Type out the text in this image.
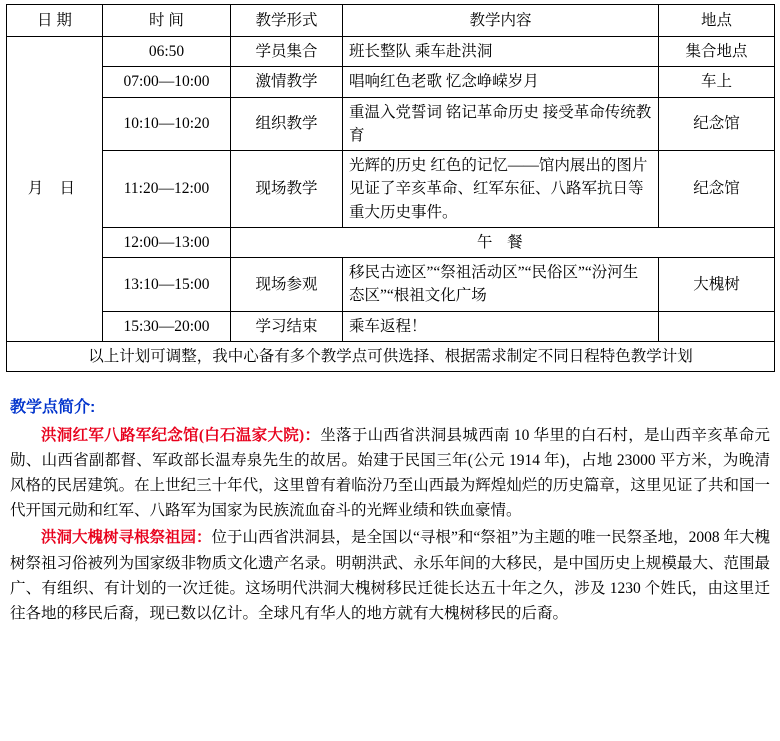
日 期	时 间	教学形式	教学内容	地点
月 日	06:50	学员集合	班长整队 乘车赴洪洞	集合地点
	07:00—10:00	激情教学	唱响红色老歌 忆念峥嵘岁月	车上
	10:10—10:20	组织教学	重温入党誓词 铭记革命历史 接受革命传统教育	纪念馆
	11:20—12:00	现场教学	光辉的历史 红色的记忆——馆内展出的图片见证了辛亥革命、红军东征、八路军抗日等重大历史事件。	纪念馆
	12:00—13:00	午 餐		
	13:10—15:00	现场参观	移民古迹区”“祭祖活动区”“民俗区”“汾河生态区”“根祖文化广场	大槐树
	15:30—20:00	学习结束	乘车返程！	
以上计划可调整，我中心备有多个教学点可供选择、根据需求制定不同日程特色教学计划				
教学点简介:

洪洞红军八路军纪念馆(白石温家大院)：坐落于山西省洪洞县城西南 10 华里的白石村，是山西辛亥革命元勋、山西省副都督、军政部长温寿泉先生的故居。始建于民国三年(公元 1914 年)，占地 23000 平方米，为晚清风格的民居建筑。在上世纪三十年代，这里曾有着临汾乃至山西最为辉煌灿烂的历史篇章，这里见证了共和国一代开国元勋和红军、八路军为国家为民族流血奋斗的光辉业绩和铁血豪情。

洪洞大槐树寻根祭祖园：位于山西省洪洞县，是全国以“寻根”和“祭祖”为主题的唯一民祭圣地，2008 年大槐树祭祖习俗被列为国家级非物质文化遗产名录。明朝洪武、永乐年间的大移民，是中国历史上规模最大、范围最广、有组织、有计划的一次迁徙。这场明代洪洞大槐树移民迁徙长达五十年之久，涉及 1230 个姓氏，由这里迁往各地的移民后裔，现已数以亿计。全球凡有华人的地方就有大槐树移民的后裔。
